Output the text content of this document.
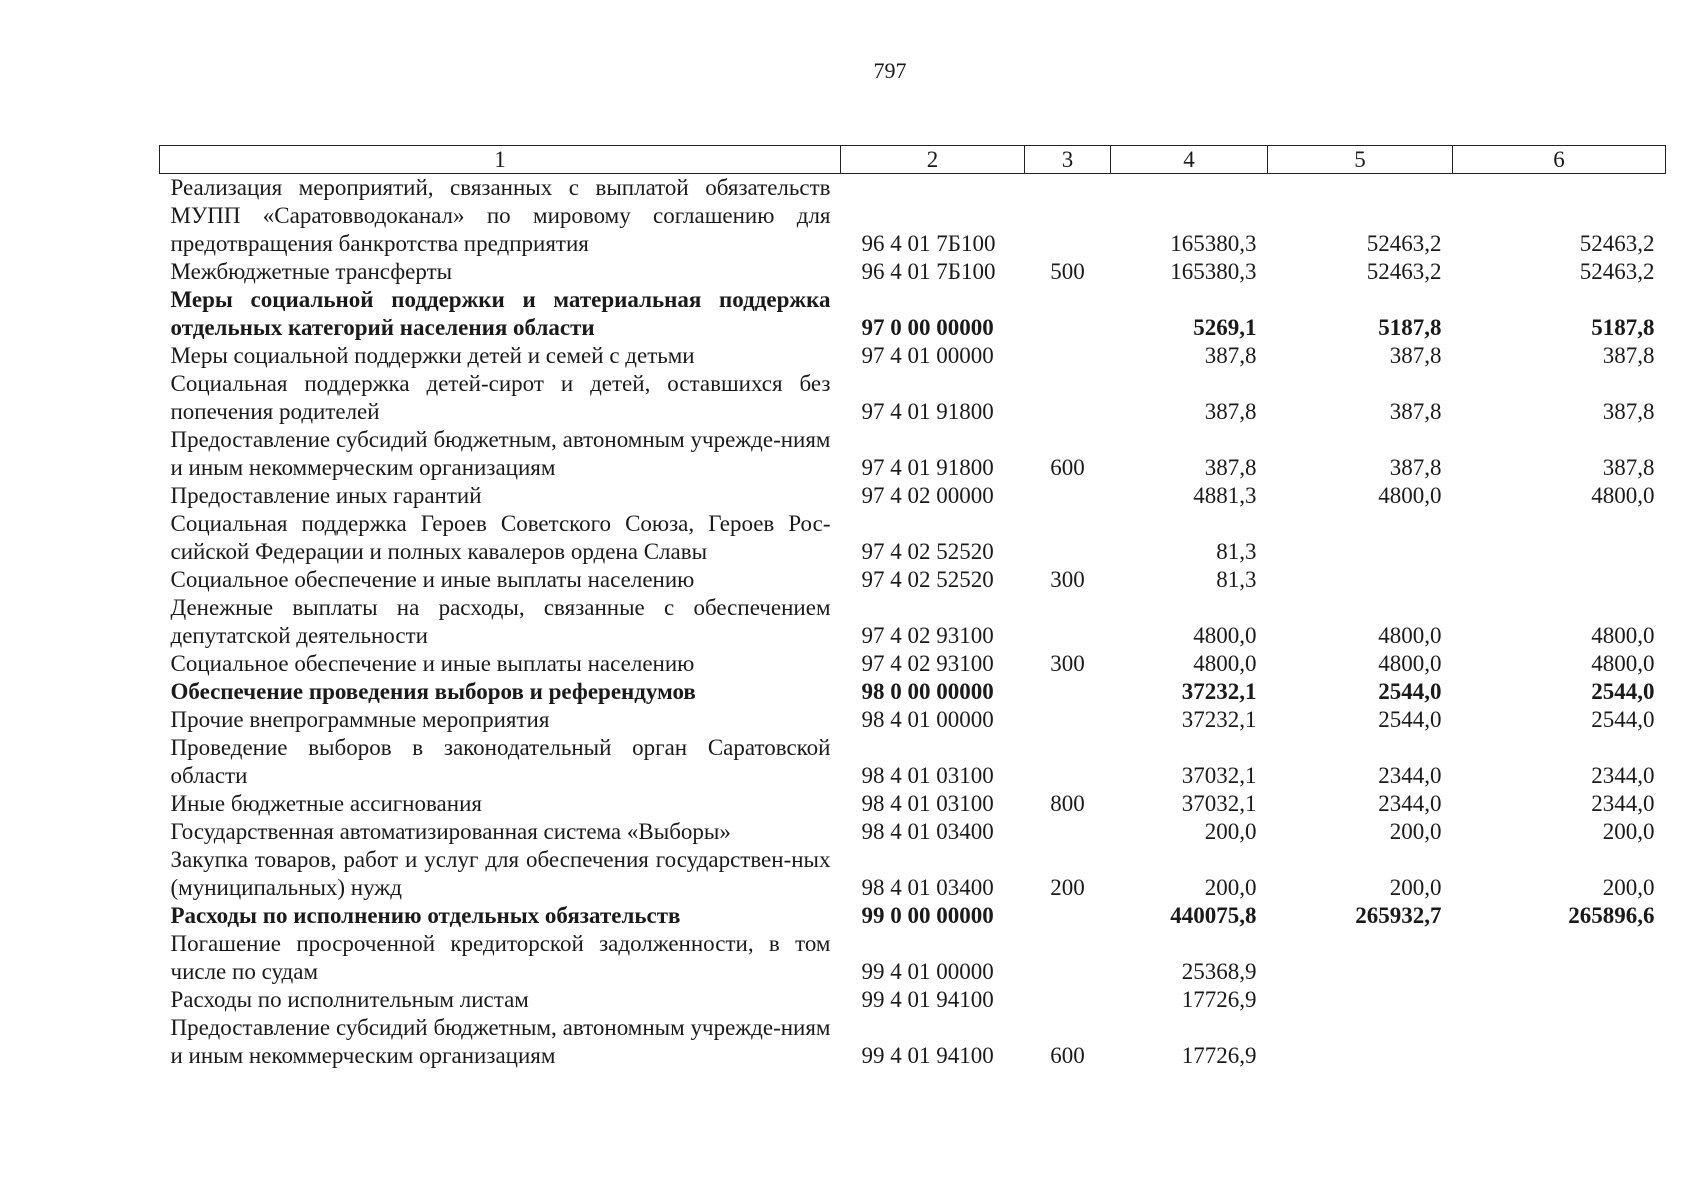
797
1	2	3	4	5	6
Реализация мероприятий, связанных с выплатой обязательств МУПП «Саратовводоканал» по мировому соглашению для предотвращения банкротства предприятия	96 4 01 7Б100		165380,3	52463,2	52463,2
Межбюджетные трансферты	96 4 01 7Б100	500	165380,3	52463,2	52463,2
Меры социальной поддержки и материальная поддержка отдельных категорий населения области	97 0 00 00000		5269,1	5187,8	5187,8
Меры социальной поддержки детей и семей с детьми	97 4 01 00000		387,8	387,8	387,8
Социальная поддержка детей-сирот и детей, оставшихся без попечения родителей	97 4 01 91800		387,8	387,8	387,8
Предоставление субсидий бюджетным, автономным учрежде-ниям и иным некоммерческим организациям	97 4 01 91800	600	387,8	387,8	387,8
Предоставление иных гарантий	97 4 02 00000		4881,3	4800,0	4800,0
Социальная поддержка Героев Советского Союза, Героев Рос-сийской Федерации и полных кавалеров ордена Славы	97 4 02 52520		81,3		
Социальное обеспечение и иные выплаты населению	97 4 02 52520	300	81,3		
Денежные выплаты на расходы, связанные с обеспечением депутатской деятельности	97 4 02 93100		4800,0	4800,0	4800,0
Социальное обеспечение и иные выплаты населению	97 4 02 93100	300	4800,0	4800,0	4800,0
Обеспечение проведения выборов и референдумов	98 0 00 00000		37232,1	2544,0	2544,0
Прочие внепрограммные мероприятия	98 4 01 00000		37232,1	2544,0	2544,0
Проведение выборов в законодательный орган Саратовской области	98 4 01 03100		37032,1	2344,0	2344,0
Иные бюджетные ассигнования	98 4 01 03100	800	37032,1	2344,0	2344,0
Государственная автоматизированная система «Выборы»	98 4 01 03400		200,0	200,0	200,0
Закупка товаров, работ и услуг для обеспечения государствен-ных (муниципальных) нужд	98 4 01 03400	200	200,0	200,0	200,0
Расходы по исполнению отдельных обязательств	99 0 00 00000		440075,8	265932,7	265896,6
Погашение просроченной кредиторской задолженности, в том числе по судам	99 4 01 00000		25368,9		
Расходы по исполнительным листам	99 4 01 94100		17726,9		
Предоставление субсидий бюджетным, автономным учрежде-ниям и иным некоммерческим организациям	99 4 01 94100	600	17726,9		
